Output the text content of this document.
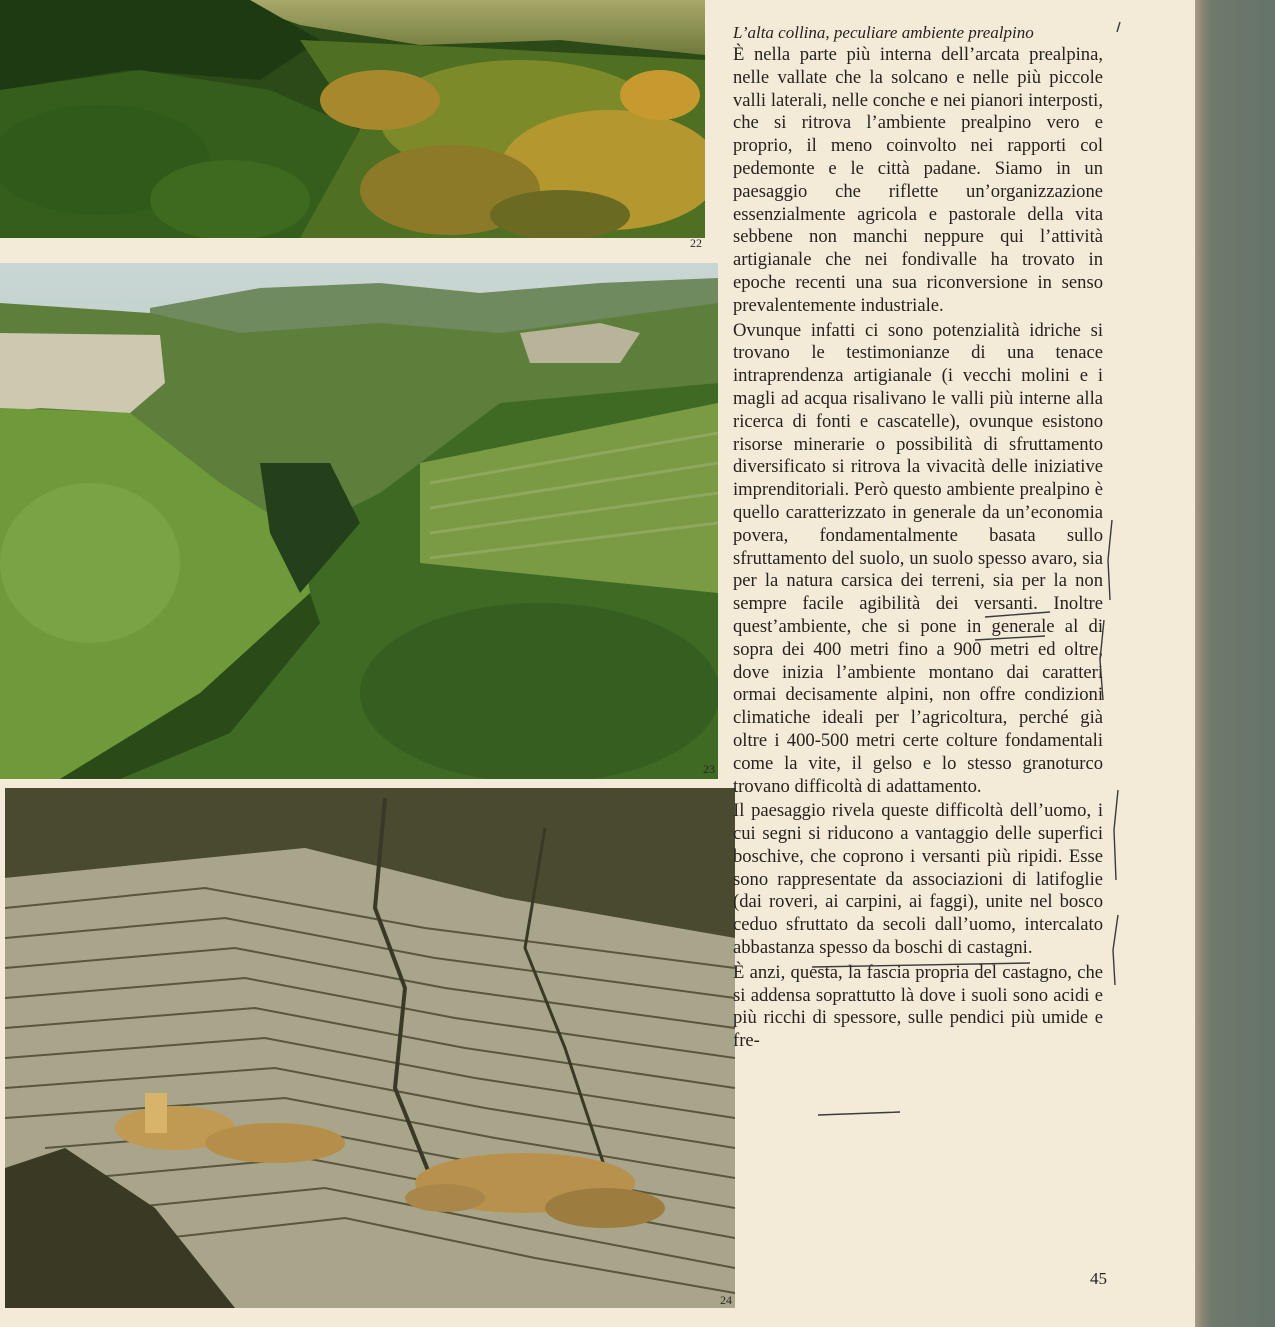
22
23
24

L’alta collina, peculiare ambiente prealpino

È nella parte più interna dell’arcata prealpina, nelle vallate che la solcano e nelle più piccole valli laterali, nelle conche e nei pianori interposti, che si ritrova l’ambiente prealpino vero e proprio, il meno coinvolto nei rapporti col pedemonte e le città padane. Siamo in un paesaggio che riflette un’organizzazione essenzialmente agricola e pastorale della vita sebbene non manchi neppure qui l’attività artigianale che nei fondivalle ha trovato in epoche recenti una sua riconversione in senso prevalentemente industriale.

Ovunque infatti ci sono potenzialità idriche si trovano le testimonianze di una tenace intraprendenza artigianale (i vecchi molini e i magli ad acqua risalivano le valli più interne alla ricerca di fonti e cascatelle), ovunque esistono risorse minerarie o possibilità di sfruttamento diversificato si ritrova la vivacità delle iniziative imprenditoriali. Però questo ambiente prealpino è quello caratterizzato in generale da un’economia povera, fondamentalmente basata sullo sfruttamento del suolo, un suolo spesso avaro, sia per la natura carsica dei terreni, sia per la non sempre facile agibilità dei versanti. Inoltre quest’ambiente, che si pone in generale al di sopra dei 400 metri fino a 900 metri ed oltre, dove inizia l’ambiente montano dai caratteri ormai decisamente alpini, non offre condizioni climatiche ideali per l’agricoltura, perché già oltre i 400-500 metri certe colture fondamentali come la vite, il gelso e lo stesso granoturco trovano difficoltà di adattamento.

Il paesaggio rivela queste difficoltà dell’uomo, i cui segni si riducono a vantaggio delle superfici boschive, che coprono i versanti più ripidi. Esse sono rappresentate da associazioni di latifoglie (dai roveri, ai carpini, ai faggi), unite nel bosco ceduo sfruttato da secoli dall’uomo, intercalato abbastanza spesso da boschi di castagni.

È anzi, questa, la fascia propria del castagno, che si addensa soprattutto là dove i suoli sono acidi e più ricchi di spessore, sulle pendici più umide e fre-

45
